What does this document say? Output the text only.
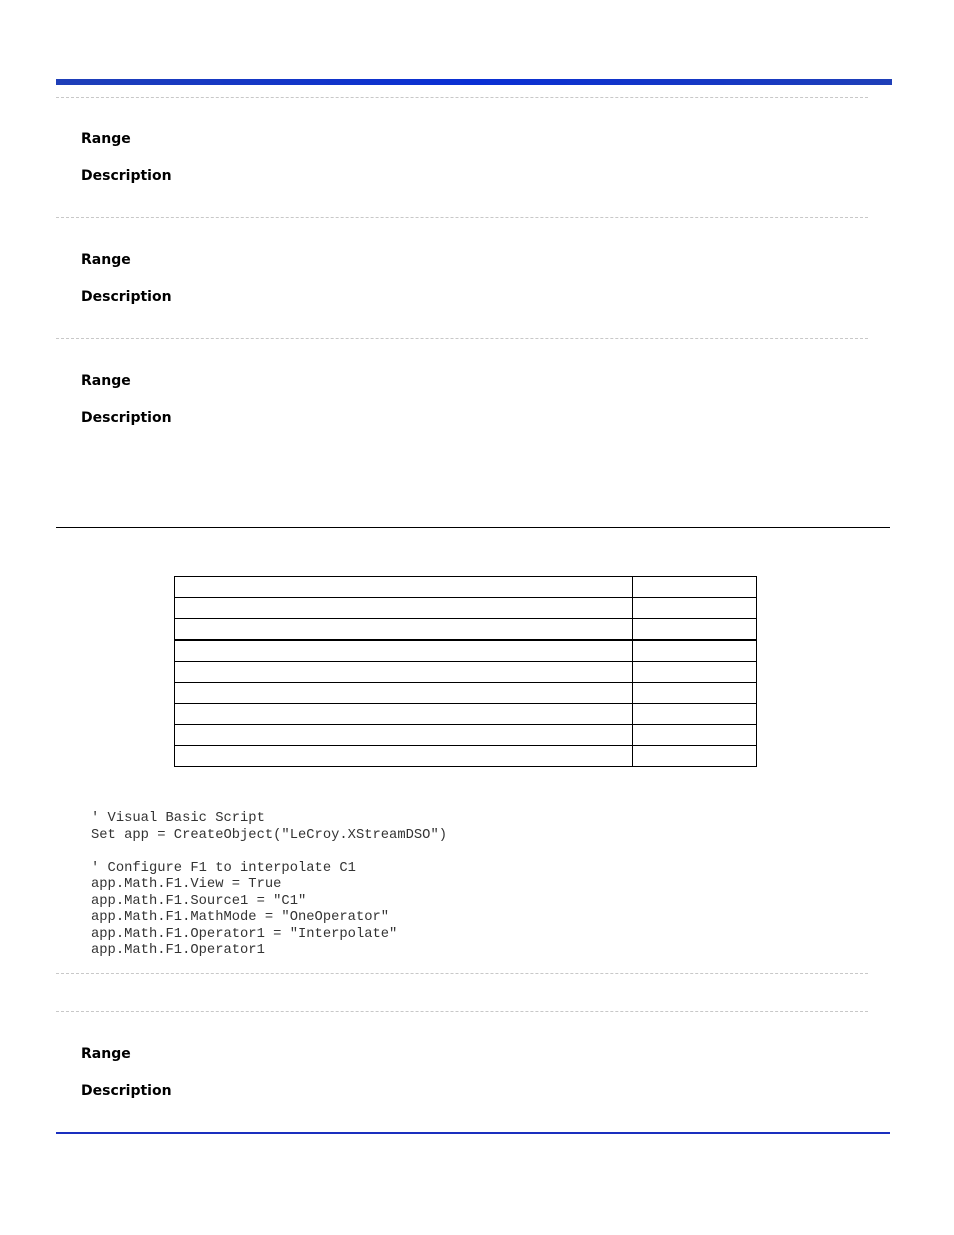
Range
Description
Range
Description
Range
Description

' Visual Basic Script
Set app = CreateObject("LeCroy.XStreamDSO")

' Configure F1 to interpolate C1
app.Math.F1.View = True
app.Math.F1.Source1 = "C1"
app.Math.F1.MathMode = "OneOperator"
app.Math.F1.Operator1 = "Interpolate"
app.Math.F1.Operator1
Range
Description
